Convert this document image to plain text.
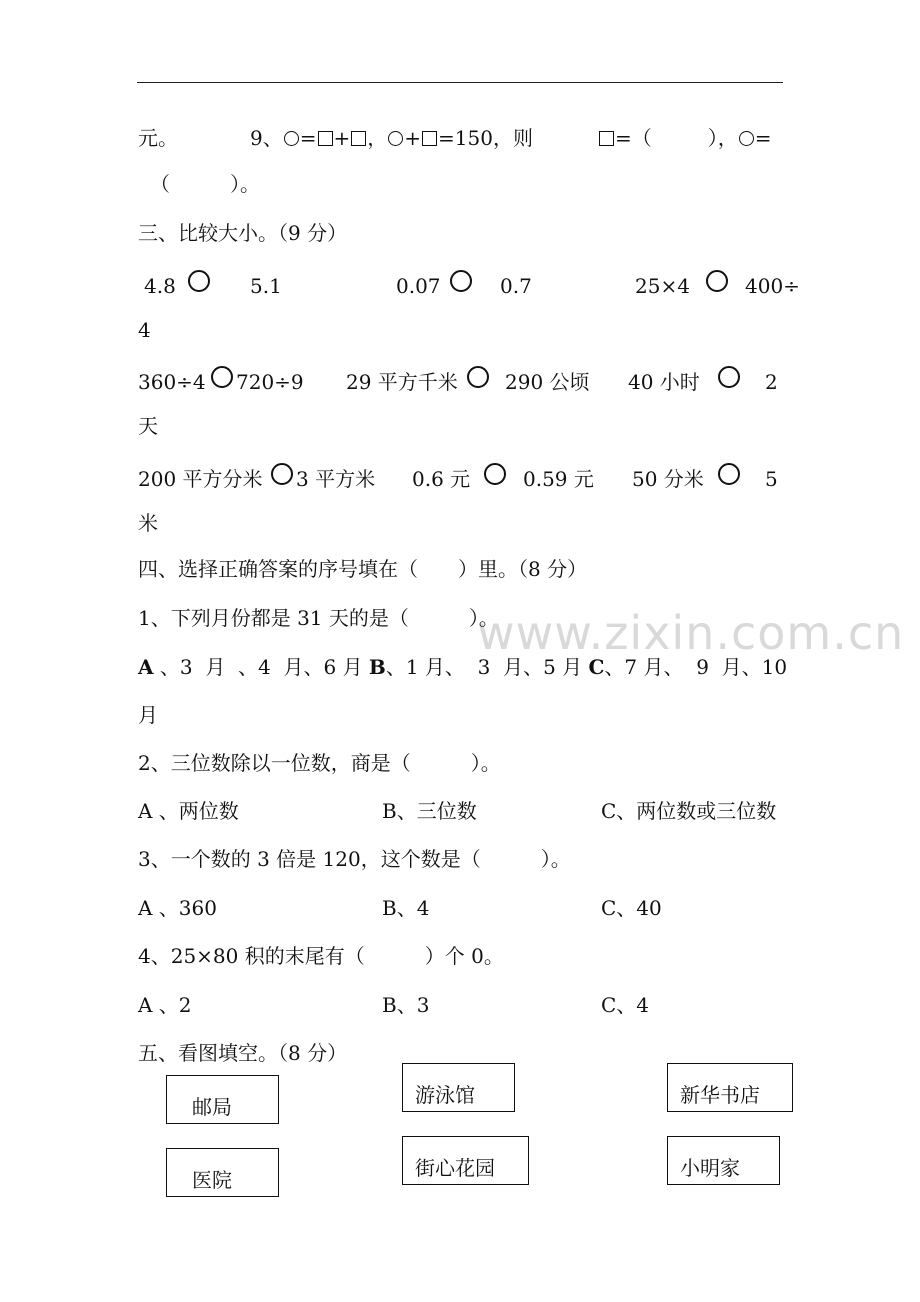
www.zixin.com.cn
元。	9、 = + ， + =150，则	=（	）， =
（　　　）。
三、比较大小。（9 分）
4.8	5.1	0.07	0.7	25×4	400÷
4
360÷4 720÷9 29 平方千米 290 公顷 40 小时	2
天
200 平方分米 3 平方米 0.6 元	0.59 元 50 分米	5
米
四、选择正确答案的序号填在（　　）里。（8 分）
1、下列月份都是 31 天的是（　　　）。
A 、3  月  、4  月、6 月 B、1 月、  3  月、5 月 C、7 月、  9  月、10
月
2、三位数除以一位数，商是（　　　）。
A 、两位数	B、三位数	C、两位数或三位数
3、一个数的 3 倍是 120，这个数是（　　　）。
A 、360	B、4	C、40
4、25×80 积的末尾有（　　　）个 0。
A 、2	B、3	C、4
五、看图填空。（8 分）
邮局	游泳馆	新华书店
医院	街心花园	小明家
